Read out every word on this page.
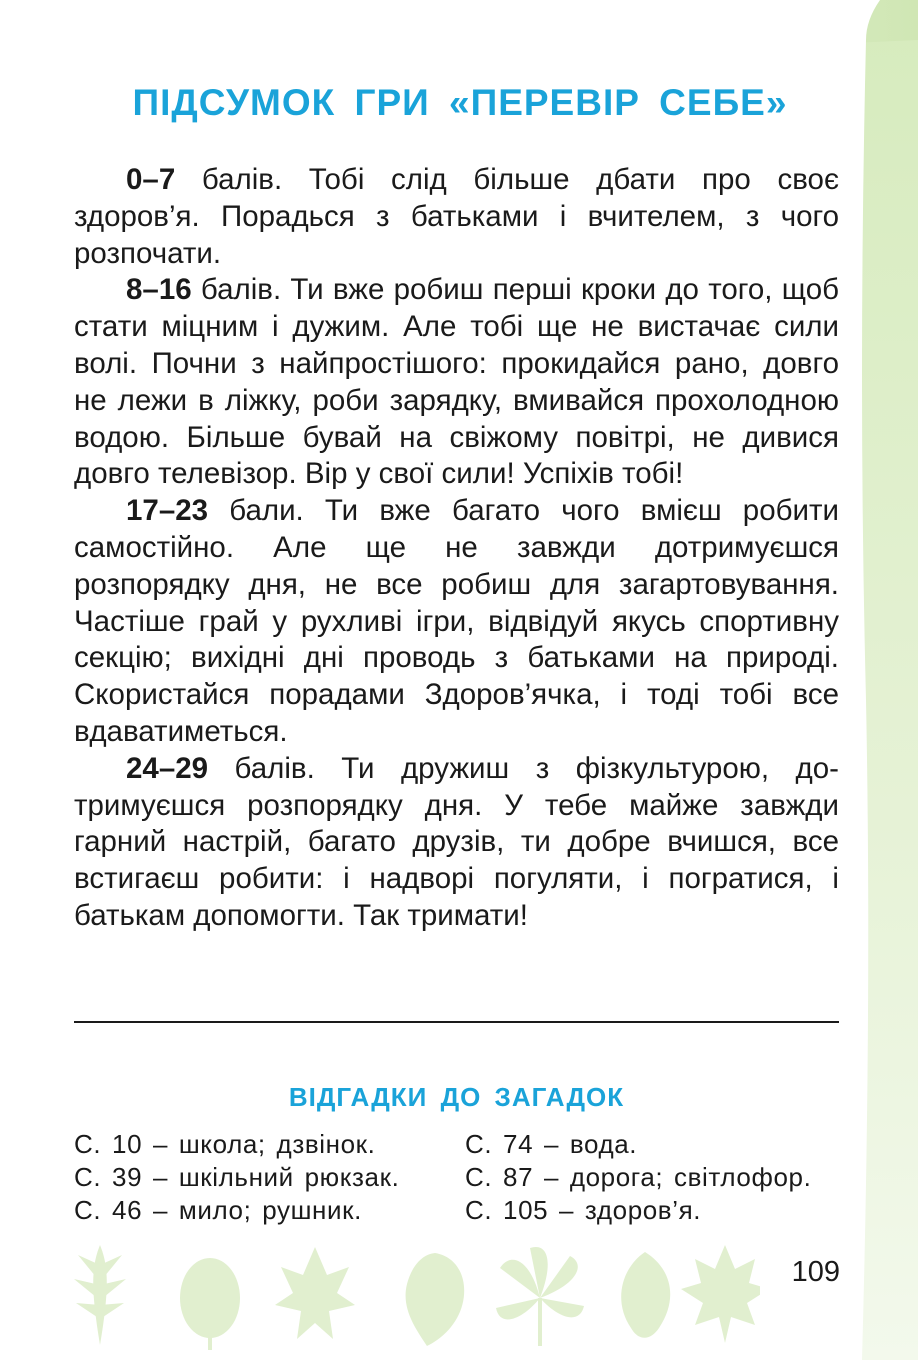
ПІДСУМОК ГРИ «ПЕРЕВІР СЕБЕ»

0–7 балів. Тобі слід більше дбати про своє здоров’я. Порадься з батьками і вчителем, з чого розпочати.

8–16 балів. Ти вже робиш перші кроки до того, щоб стати міцним і дужим. Але тобі ще не вистачає сили волі. Почни з найпростішого: прокидайся рано, довго не лежи в ліжку, роби зарядку, вмивайся прохолодною водою. Більше бувай на свіжому повітрі, не дивися довго телевізор. Вір у свої сили! Успіхів тобі!

17–23 бали. Ти вже багато чого вмієш робити самостійно. Але ще не завжди дотримуєшся розпорядку дня, не все робиш для загартовування. Частіше грай у рухливі ігри, відвідуй якусь спортивну секцію; вихідні дні проводь з батьками на природі. Скористайся порадами Здоров’ячка, і тоді тобі все вдаватиметься.

24–29 балів. Ти дружиш з фізкультурою, дотримуєшся розпорядку дня. У тебе майже завжди гарний настрій, багато друзів, ти добре вчишся, все встигаєш робити: і надворі погуляти, і погратися, і батькам допомогти. Так тримати!

ВІДГАДКИ ДО ЗАГАДОК
С. 10 – школа; дзвінок.
С. 39 – шкільний рюкзак.
С. 46 – мило; рушник.
С. 74 – вода.
С. 87 – дорога; світлофор.
С. 105 – здоров’я.
109
